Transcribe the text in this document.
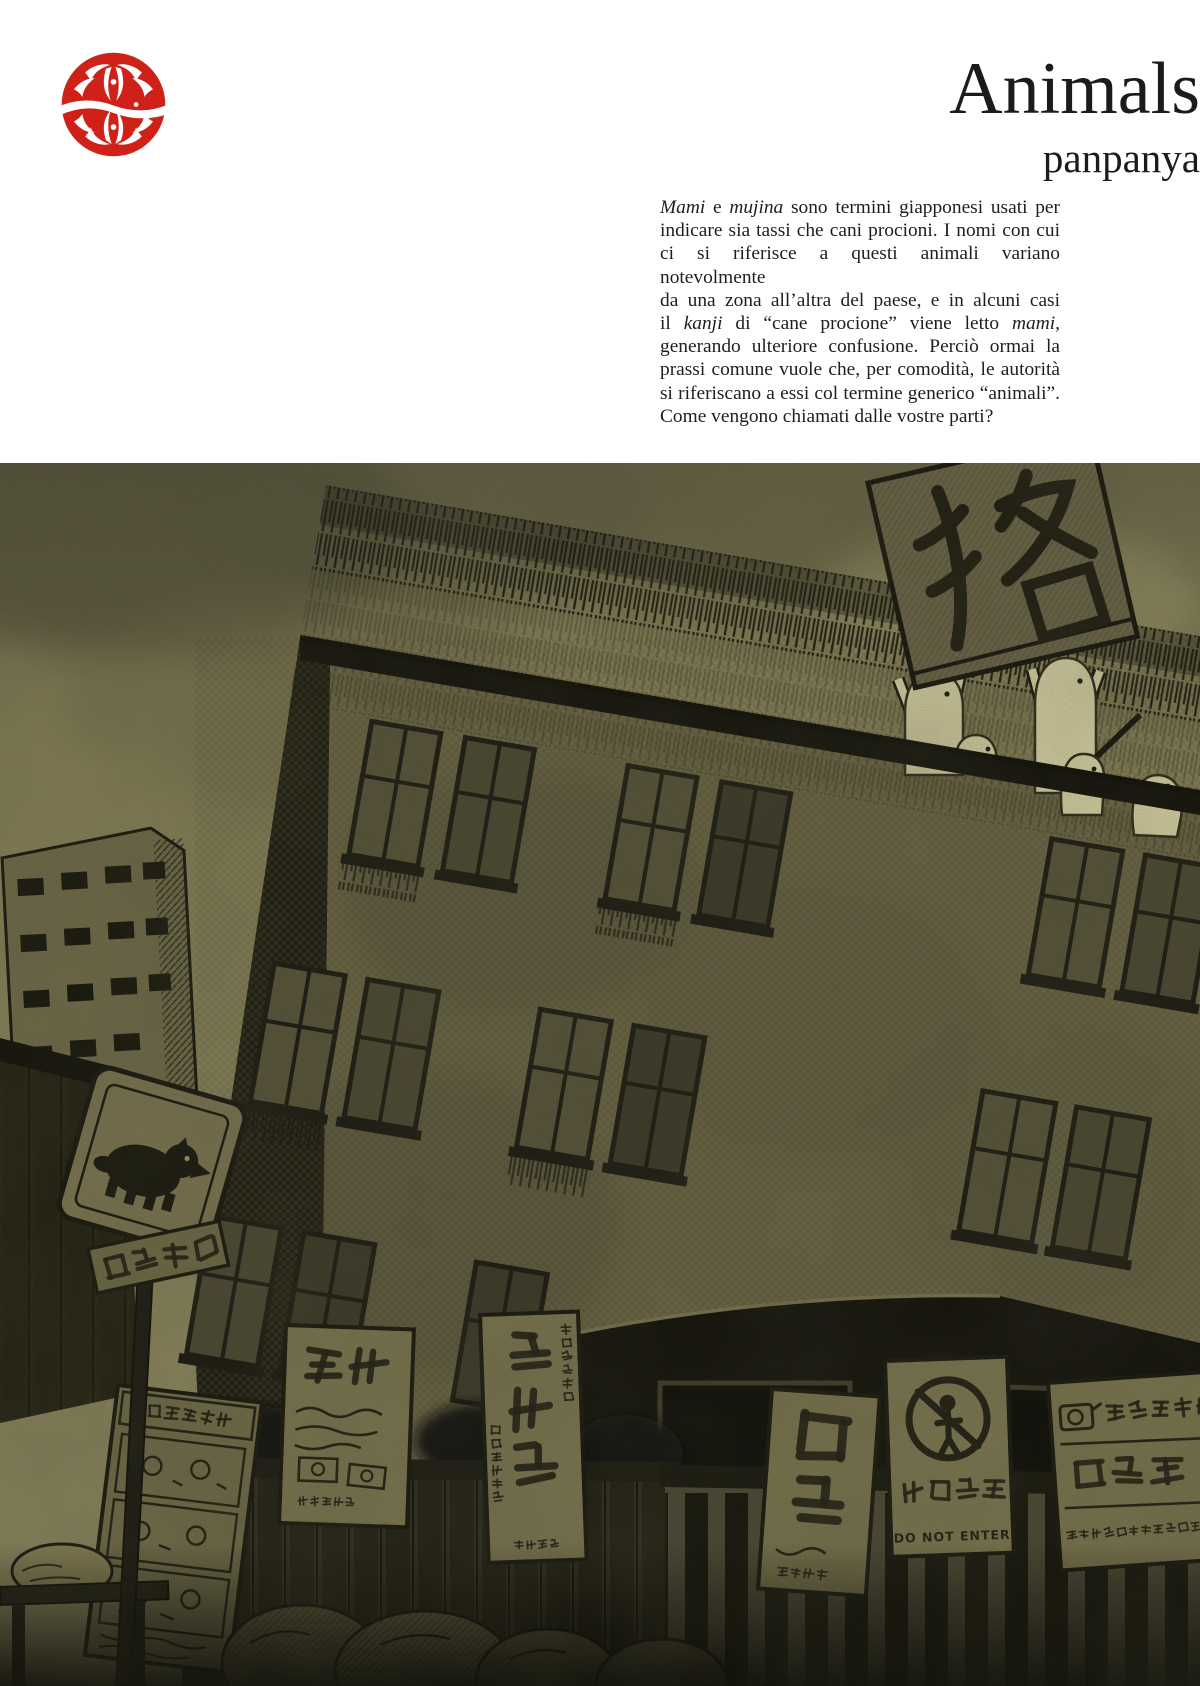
Animals
panpanya
Mami e mujina sono termini giapponesi usati per
indicare sia tassi che cani procioni. I nomi con cui
ci si riferisce a questi animali variano notevolmente
da una zona all’altra del paese, e in alcuni casi
il kanji di “cane procione” viene letto mami,
generando ulteriore confusione. Perciò ormai la
prassi comune vuole che, per comodità, le autorità
si riferiscano a essi col termine generico “animali”.
Come vengono chiamati dalle vostre parti?
